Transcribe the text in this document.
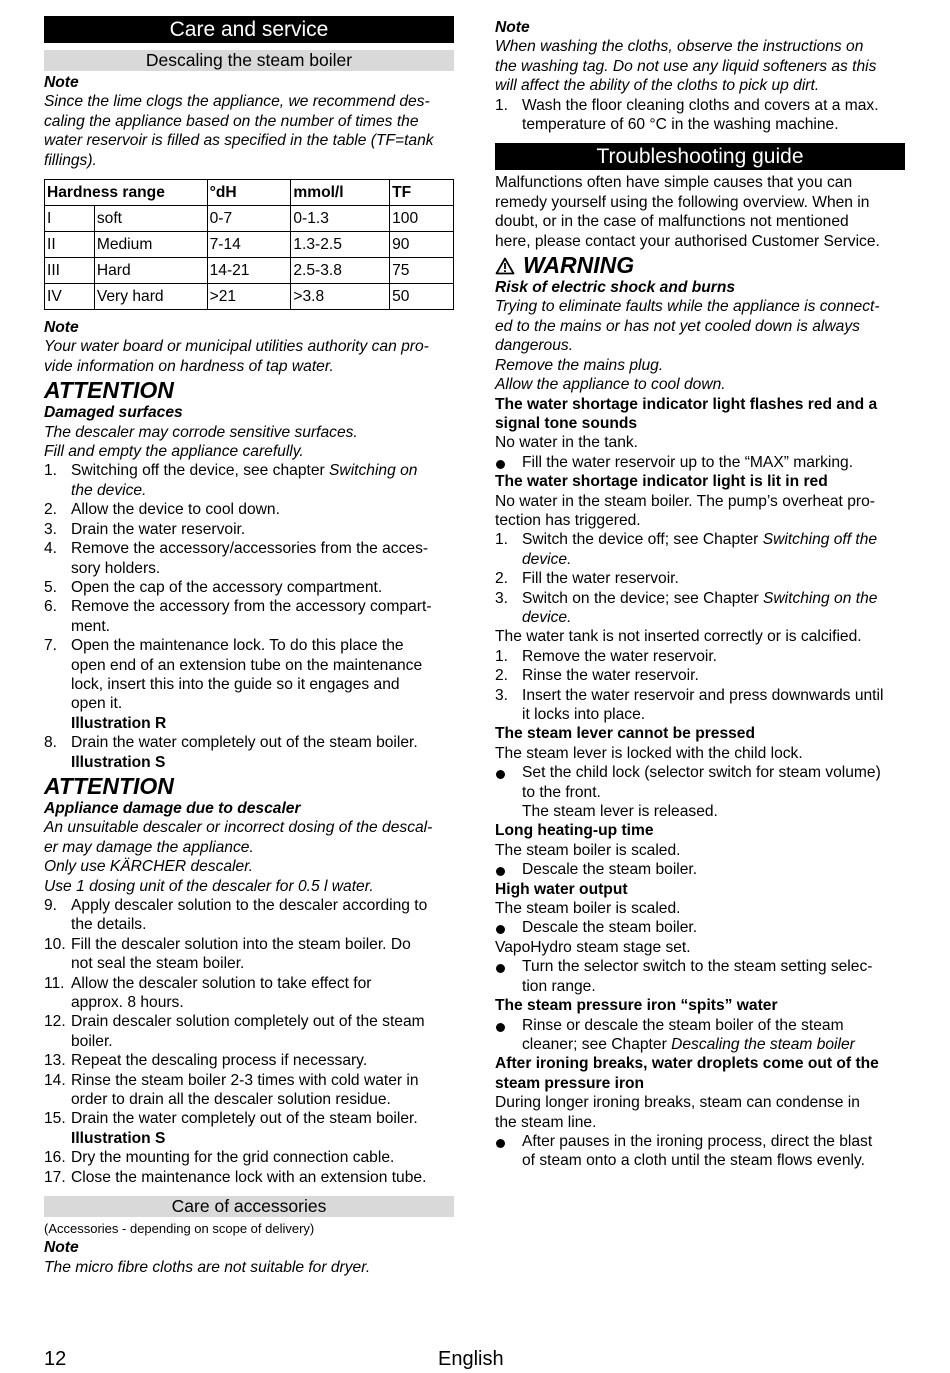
Care and service
Descaling the steam boiler
Note
Since the lime clogs the appliance, we recommend des-
caling the appliance based on the number of times the
water reservoir is filled as specified in the table (TF=tank
fillings).
Hardness range		°dH	mmol/l	TF
I	soft	0-7	0-1.3	100
II	Medium	7-14	1.3-2.5	90
III	Hard	14-21	2.5-3.8	75
IV	Very hard	>21	>3.8	50
Note
Your water board or municipal utilities authority can pro-
vide information on hardness of tap water.
ATTENTION
Damaged surfaces
The descaler may corrode sensitive surfaces.
Fill and empty the appliance carefully.
1. Switching off the device, see chapter Switching on
the device.
2. Allow the device to cool down.
3. Drain the water reservoir.
4. Remove the accessory/accessories from the acces-
sory holders.
5. Open the cap of the accessory compartment.
6. Remove the accessory from the accessory compart-
ment.
7. Open the maintenance lock. To do this place the
open end of an extension tube on the maintenance
lock, insert this into the guide so it engages and
open it.
Illustration R
8. Drain the water completely out of the steam boiler.
Illustration S
ATTENTION
Appliance damage due to descaler
An unsuitable descaler or incorrect dosing of the descal-
er may damage the appliance.
Only use KÄRCHER descaler.
Use 1 dosing unit of the descaler for 0.5 l water.
9. Apply descaler solution to the descaler according to
the details.
10. Fill the descaler solution into the steam boiler. Do
not seal the steam boiler.
11. Allow the descaler solution to take effect for
approx. 8 hours.
12. Drain descaler solution completely out of the steam
boiler.
13. Repeat the descaling process if necessary.
14. Rinse the steam boiler 2-3 times with cold water in
order to drain all the descaler solution residue.
15. Drain the water completely out of the steam boiler.
Illustration S
16. Dry the mounting for the grid connection cable.
17. Close the maintenance lock with an extension tube.
Care of accessories
(Accessories - depending on scope of delivery)
Note
The micro fibre cloths are not suitable for dryer.
Note
When washing the cloths, observe the instructions on
the washing tag. Do not use any liquid softeners as this
will affect the ability of the cloths to pick up dirt.
1. Wash the floor cleaning cloths and covers at a max.
temperature of 60 °C in the washing machine.
Troubleshooting guide
Malfunctions often have simple causes that you can
remedy yourself using the following overview. When in
doubt, or in the case of malfunctions not mentioned
here, please contact your authorised Customer Service.
WARNING
Risk of electric shock and burns
Trying to eliminate faults while the appliance is connect-
ed to the mains or has not yet cooled down is always
dangerous.
Remove the mains plug.
Allow the appliance to cool down.
The water shortage indicator light flashes red and a
signal tone sounds
No water in the tank.
Fill the water reservoir up to the “MAX” marking.
The water shortage indicator light is lit in red
No water in the steam boiler. The pump’s overheat pro-
tection has triggered.
1. Switch the device off; see Chapter Switching off the
device.
2. Fill the water reservoir.
3. Switch on the device; see Chapter Switching on the
device.
The water tank is not inserted correctly or is calcified.
1. Remove the water reservoir.
2. Rinse the water reservoir.
3. Insert the water reservoir and press downwards until
it locks into place.
The steam lever cannot be pressed
The steam lever is locked with the child lock.
Set the child lock (selector switch for steam volume)
to the front.
The steam lever is released.
Long heating-up time
The steam boiler is scaled.
Descale the steam boiler.
High water output
The steam boiler is scaled.
Descale the steam boiler.
VapoHydro steam stage set.
Turn the selector switch to the steam setting selec-
tion range.
The steam pressure iron “spits” water
Rinse or descale the steam boiler of the steam
cleaner; see Chapter Descaling the steam boiler
After ironing breaks, water droplets come out of the
steam pressure iron
During longer ironing breaks, steam can condense in
the steam line.
After pauses in the ironing process, direct the blast
of steam onto a cloth until the steam flows evenly.
12	English
